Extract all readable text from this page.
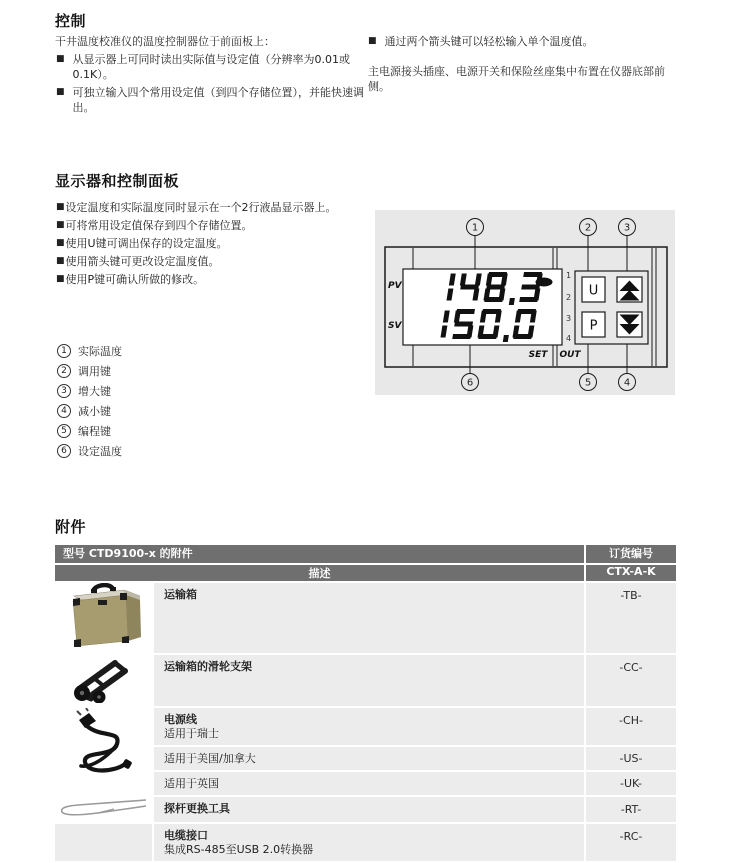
控制

干井温度校准仪的温度控制器位于前面板上：

■ 从显示器上可同时读出实际值与设定值（分辨率为0.01或0.1K）。
■ 可独立输入四个常用设定值（到四个存储位置），并能快速调出。
■ 通过两个箭头键可以轻松输入单个温度值。

主电源接头插座、电源开关和保险丝座集中布置在仪器底部前侧。

显示器和控制面板
■ 设定温度和实际温度同时显示在一个2行液晶显示器上。
■ 可将常用设定值保存到四个存储位置。
■ 使用U键可调出保存的设定温度。
■ 使用箭头键可更改设定温度值。
■ 使用P键可确认所做的修改。	PV
SV
SET
1
2
3
4
OUT
U
P
1	2	3
6	5	4
1	实际温度
2	调用键
3	增大键
4	减小键
5	编程键
6	设定温度
附件
型号 CTD9100-x 的附件		订货编号
描述		CTX-A-K
	运输箱	-TB-
	运输箱的滑轮支架	-CC-
	电源线
适用于瑞士	-CH-
	适用于美国/加拿大	-US-
	适用于英国	-UK-
	探杆更换工具	-RT-
	电缆接口
集成RS-485至USB 2.0转换器	-RC-
